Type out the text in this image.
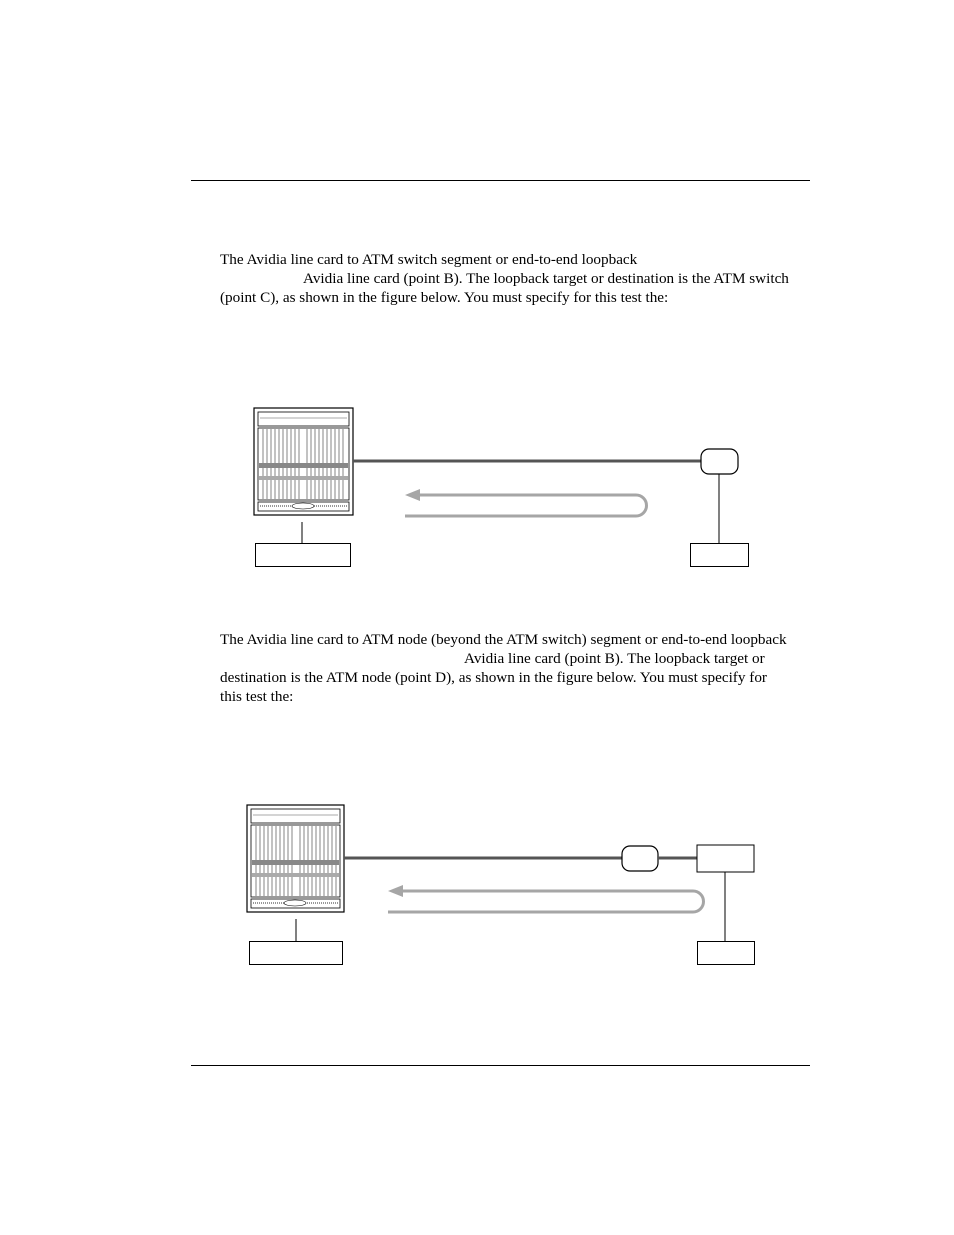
The Avidia line card to ATM switch segment or end-to-end loopback
Avidia line card (point B). The loopback target or destination is the ATM switch
(point C), as shown in the figure below. You must specify for this test the:

The Avidia line card to ATM node (beyond the ATM switch) segment or end-to-end loopback
Avidia line card (point B). The loopback target or
destination is the ATM node (point D), as shown in the figure below. You must specify for
this test the:
